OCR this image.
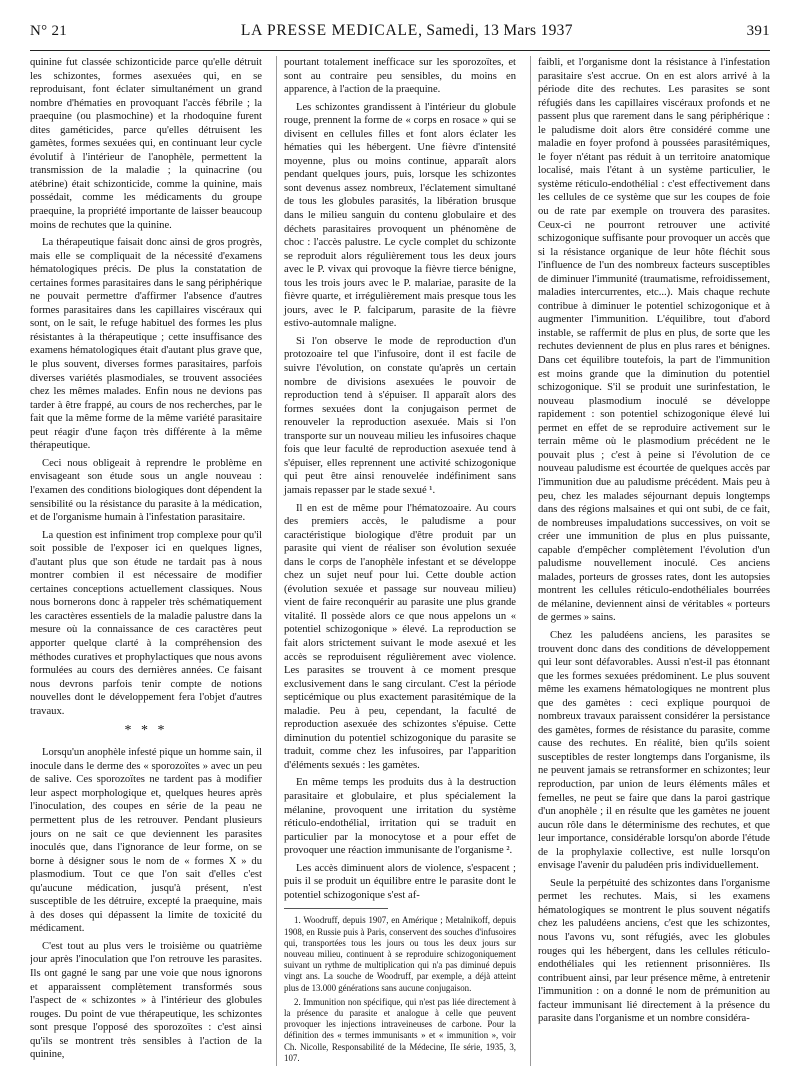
N° 21	LA PRESSE MEDICALE, Samedi, 13 Mars 1937	391

quinine fut classée schizonticide parce qu'elle détruit les schizontes, formes asexuées qui, en se reproduisant, font éclater simultanément un grand nombre d'hématies en provoquant l'accès fébrile ; la praequine (ou plasmochine) et la rhodoquine furent dites gaméticides, parce qu'elles détruisent les gamètes, formes sexuées qui, en continuant leur cycle évolutif à l'intérieur de l'anophèle, permettent la transmission de la maladie ; la quinacrine (ou atébrine) était schizonticide, comme la quinine, mais possédait, comme les médicaments du groupe praequine, la propriété importante de laisser beaucoup moins de rechutes que la quinine.

La thérapeutique faisait donc ainsi de gros progrès, mais elle se compliquait de la nécessité d'examens hématologiques précis. De plus la constatation de certaines formes parasitaires dans le sang périphérique ne pouvait permettre d'affirmer l'absence d'autres formes parasitaires dans les capillaires viscéraux qui sont, on le sait, le refuge habituel des formes les plus résistantes à la thérapeutique ; cette insuffisance des examens hématologiques était d'autant plus grave que, le plus souvent, diverses formes parasitaires, parfois diverses variétés plasmodiales, se trouvent associées chez les mêmes malades. Enfin nous ne devions pas tarder à être frappé, au cours de nos recherches, par le fait que la même forme de la même variété parasitaire peut réagir d'une façon très différente à la même thérapeutique.

Ceci nous obligeait à reprendre le problème en envisageant son étude sous un angle nouveau : l'examen des conditions biologiques dont dépendent la sensibilité ou la résistance du parasite à la médication, et de l'organisme humain à l'infestation parasitaire.

La question est infiniment trop complexe pour qu'il soit possible de l'exposer ici en quelques lignes, d'autant plus que son étude ne tardait pas à nous montrer combien il est nécessaire de modifier certaines conceptions actuellement classiques. Nous nous bornerons donc à rappeler très schématiquement les caractères essentiels de la maladie palustre dans la mesure où la connaissance de ces caractères peut apporter quelque clarté à la compréhension des méthodes curatives et prophylactiques que nous avons formulées au cours des dernières années. Ce faisant nous devrons parfois tenir compte de notions nouvelles dont le développement fera l'objet d'autres travaux.

* * *

Lorsqu'un anophèle infesté pique un homme sain, il inocule dans le derme des « sporozoïtes » avec un peu de salive. Ces sporozoïtes ne tardent pas à modifier leur aspect morphologique et, quelques heures après l'inoculation, des coupes en série de la peau ne permettent plus de les retrouver. Pendant plusieurs jours on ne sait ce que deviennent les parasites inoculés que, dans l'ignorance de leur forme, on se borne à désigner sous le nom de « formes X » du plasmodium. Tout ce que l'on sait d'elles c'est qu'aucune médication, jusqu'à présent, n'est susceptible de les détruire, excepté la praequine, mais à des doses qui dépassent la limite de toxicité du médicament.

C'est tout au plus vers le troisième ou quatrième jour après l'inoculation que l'on retrouve les parasites. Ils ont gagné le sang par une voie que nous ignorons et apparaissent complètement transformés sous l'aspect de « schizontes » à l'intérieur des globules rouges. Du point de vue thérapeutique, les schizontes sont presque l'opposé des sporozoïtes : c'est ainsi qu'ils se montrent très sensibles à l'action de la quinine,

pourtant totalement inefficace sur les sporozoïtes, et sont au contraire peu sensibles, du moins en apparence, à l'action de la praequine.

Les schizontes grandissent à l'intérieur du globule rouge, prennent la forme de « corps en rosace » qui se divisent en cellules filles et font alors éclater les hématies qui les hébergent. Une fièvre d'intensité moyenne, plus ou moins continue, apparaît alors pendant quelques jours, puis, lorsque les schizontes sont devenus assez nombreux, l'éclatement simultané de tous les globules parasités, la libération brusque dans le milieu sanguin du contenu globulaire et des déchets parasitaires provoquent un phénomène de choc : l'accès palustre. Le cycle complet du schizonte se reproduit alors régulièrement tous les deux jours avec le P. vivax qui provoque la fièvre tierce bénigne, tous les trois jours avec le P. malariae, parasite de la fièvre quarte, et irrégulièrement mais presque tous les jours, avec le P. falciparum, parasite de la fièvre estivo-automnale maligne.

Si l'on observe le mode de reproduction d'un protozoaire tel que l'infusoire, dont il est facile de suivre l'évolution, on constate qu'après un certain nombre de divisions asexuées le pouvoir de reproduction tend à s'épuiser. Il apparaît alors des formes sexuées dont la conjugaison permet de renouveler la reproduction asexuée. Mais si l'on transporte sur un nouveau milieu les infusoires chaque fois que leur faculté de reproduction asexuée tend à s'épuiser, elles reprennent une activité schizogonique qui peut être ainsi renouvelée indéfiniment sans jamais repasser par le stade sexué ¹.

Il en est de même pour l'hématozoaire. Au cours des premiers accès, le paludisme a pour caractéristique biologique d'être produit par un parasite qui vient de réaliser son évolution sexuée dans le corps de l'anophèle infestant et se développe chez un sujet neuf pour lui. Cette double action (évolution sexuée et passage sur nouveau milieu) vient de faire reconquérir au parasite une plus grande vitalité. Il possède alors ce que nous appelons un « potentiel schizogonique » élevé. La reproduction se fait alors strictement suivant le mode asexué et les accès se reproduisent régulièrement avec violence. Les parasites se trouvent à ce moment presque exclusivement dans le sang circulant. C'est la période septicémique ou plus exactement parasitémique de la maladie. Peu à peu, cependant, la faculté de reproduction asexuée des schizontes s'épuise. Cette diminution du potentiel schizogonique du parasite se traduit, comme chez les infusoires, par l'apparition d'éléments sexués : les gamètes.

En même temps les produits dus à la destruction parasitaire et globulaire, et plus spécialement la mélanine, provoquent une irritation du système réticulo-endothélial, irritation qui se traduit en particulier par la monocytose et a pour effet de provoquer une réaction immunisante de l'organisme ².

Les accès diminuent alors de violence, s'espacent ; puis il se produit un équilibre entre le parasite dont le potentiel schizogonique s'est af-

1. Woodruff, depuis 1907, en Amérique ; Metalnikoff, depuis 1908, en Russie puis à Paris, conservent des souches d'infusoires qui, transportées tous les jours ou tous les deux jours sur nouveau milieu, continuent à se reproduire schizogoniquement suivant un rythme de multiplication qui n'a pas diminué depuis vingt ans. La souche de Woodruff, par exemple, a déjà atteint plus de 13.000 générations sans aucune conjugaison.

2. Immunition non spécifique, qui n'est pas liée directement à la présence du parasite et analogue à celle que peuvent provoquer les injections intraveineuses de carbone. Pour la définition des « termes immunisants » et « immunition », voir Ch. Nicolle, Responsabilité de la Médecine, IIe série, 1935, 3, 107.

faibli, et l'organisme dont la résistance à l'infestation parasitaire s'est accrue. On en est alors arrivé à la période dite des rechutes. Les parasites se sont réfugiés dans les capillaires viscéraux profonds et ne passent plus que rarement dans le sang périphérique : le paludisme doit alors être considéré comme une maladie en foyer profond à poussées parasitémiques, le foyer n'étant pas réduit à un territoire anatomique localisé, mais l'étant à un système particulier, le système réticulo-endothélial : c'est effectivement dans les cellules de ce système que sur les coupes de foie ou de rate par exemple on trouvera des parasites. Ceux-ci ne pourront retrouver une activité schizogonique suffisante pour provoquer un accès que si la résistance organique de leur hôte fléchit sous l'influence de l'un des nombreux facteurs susceptibles de diminuer l'immunité (traumatisme, refroidissement, maladies intercurrentes, etc...). Mais chaque rechute contribue à diminuer le potentiel schizogonique et à augmenter l'immunition. L'équilibre, tout d'abord instable, se raffermit de plus en plus, de sorte que les rechutes deviennent de plus en plus rares et bénignes. Dans cet équilibre toutefois, la part de l'immunition est moins grande que la diminution du potentiel schizogonique. S'il se produit une surinfestation, le nouveau plasmodium inoculé se développe rapidement : son potentiel schizogonique élevé lui permet en effet de se reproduire activement sur le terrain même où le plasmodium précédent ne le pouvait plus ; c'est à peine si l'évolution de ce nouveau paludisme est écourtée de quelques accès par l'immunition due au paludisme précédent. Mais peu à peu, chez les malades séjournant depuis longtemps dans des régions malsaines et qui ont subi, de ce fait, de nombreuses impaludations successives, on voit se créer une immunition de plus en plus puissante, capable d'empêcher complètement l'évolution d'un paludisme nouvellement inoculé. Ces anciens malades, porteurs de grosses rates, dont les autopsies montrent les cellules réticulo-endothéliales bourrées de mélanine, deviennent ainsi de véritables « porteurs de germes » sains.

Chez les paludéens anciens, les parasites se trouvent donc dans des conditions de développement qui leur sont défavorables. Aussi n'est-il pas étonnant que les formes sexuées prédominent. Le plus souvent même les examens hématologiques ne montrent plus que des gamètes : ceci explique pourquoi de nombreux travaux paraissent considérer la persistance des gamètes, formes de résistance du parasite, comme cause des rechutes. En réalité, bien qu'ils soient susceptibles de rester longtemps dans l'organisme, ils ne peuvent jamais se retransformer en schizontes; leur reproduction, par union de leurs éléments mâles et femelles, ne peut se faire que dans la paroi gastrique d'un anophèle ; il en résulte que les gamètes ne jouent aucun rôle dans le déterminisme des rechutes, et que leur importance, considérable lorsqu'on aborde l'étude de la prophylaxie collective, est nulle lorsqu'on envisage l'avenir du paludéen pris individuellement.

Seule la perpétuité des schizontes dans l'organisme permet les rechutes. Mais, si les examens hématologiques se montrent le plus souvent négatifs chez les paludéens anciens, c'est que les schizontes, nous l'avons vu, sont réfugiés, avec les globules rouges qui les hébergent, dans les cellules réticulo-endothéliales qui les retiennent prisonnières. Ils contribuent ainsi, par leur présence même, à entretenir l'immunition : on a donné le nom de prémunition au facteur immunisant lié directement à la présence du parasite dans l'organisme et un nombre considéra-
